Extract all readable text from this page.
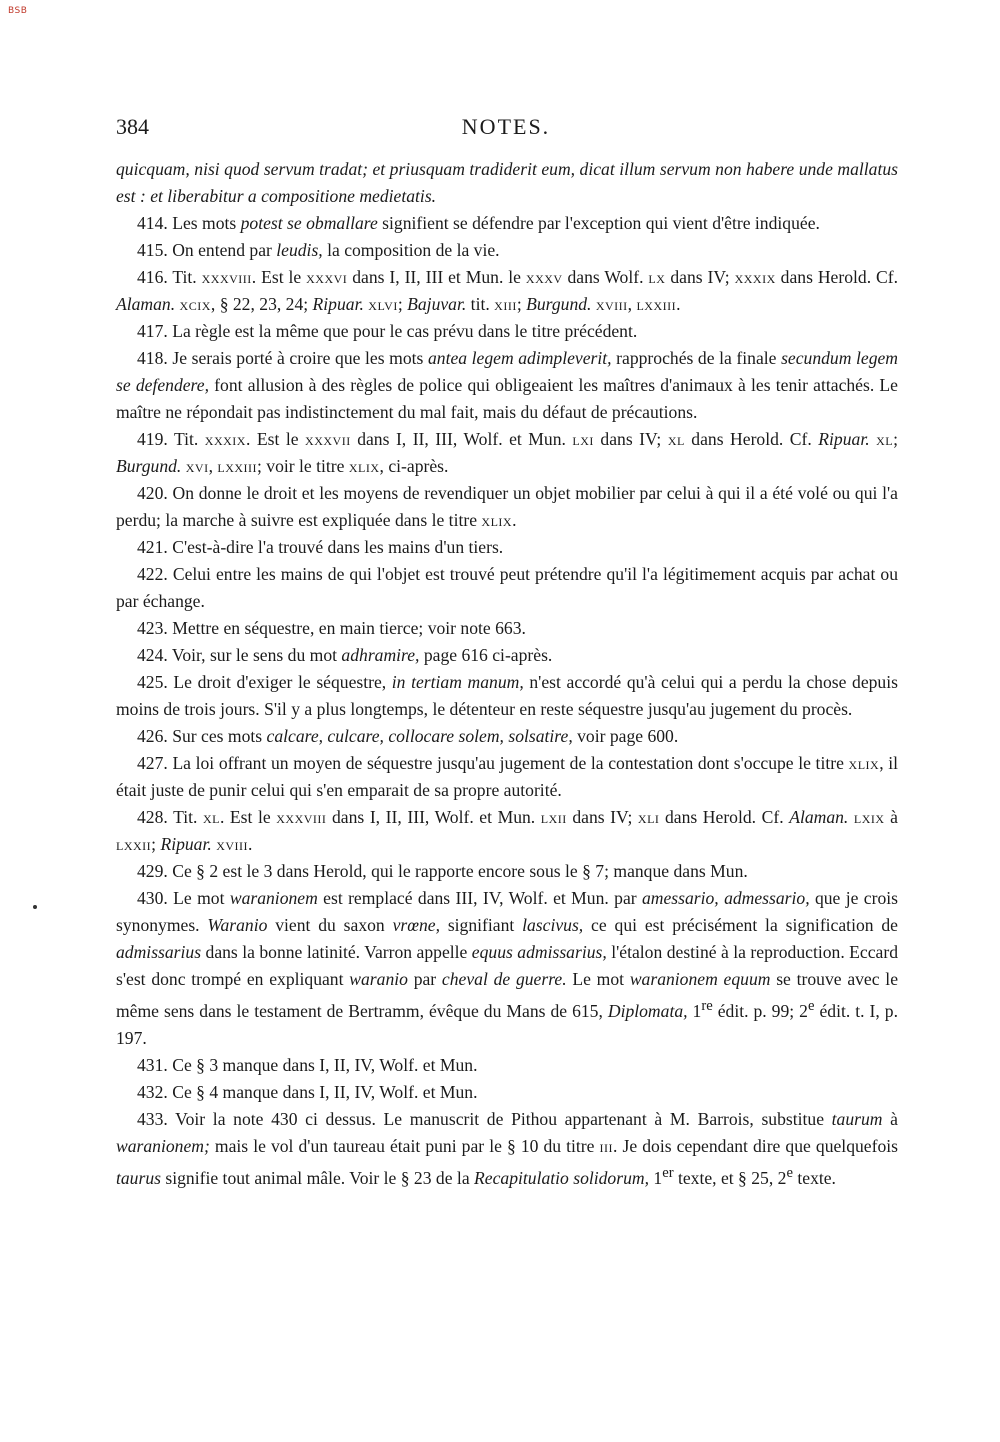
BSB
384	NOTES.

quicquam, nisi quod servum tradat; et priusquam tradiderit eum, dicat illum servum non habere unde mallatus est : et liberabitur a compositione medietatis.

414. Les mots potest se obmallare signifient se défendre par l'exception qui vient d'être indiquée.

415. On entend par leudis, la composition de la vie.

416. Tit. xxxviii. Est le xxxvi dans I, II, III et Mun. le xxxv dans Wolf. lx dans IV; xxxix dans Herold. Cf. Alaman. xcix, § 22, 23, 24; Ripuar. xlvi; Bajuvar. tit. xiii; Burgund. xviii, lxxiii.

417. La règle est la même que pour le cas prévu dans le titre précédent.

418. Je serais porté à croire que les mots antea legem adimpleverit, rapprochés de la finale secundum legem se defendere, font allusion à des règles de police qui obligeaient les maîtres d'animaux à les tenir attachés. Le maître ne répondait pas indistinctement du mal fait, mais du défaut de précautions.

419. Tit. xxxix. Est le xxxvii dans I, II, III, Wolf. et Mun. lxi dans IV; xl dans Herold. Cf. Ripuar. xl; Burgund. xvi, lxxiii; voir le titre xlix, ci-après.

420. On donne le droit et les moyens de revendiquer un objet mobilier par celui à qui il a été volé ou qui l'a perdu; la marche à suivre est expliquée dans le titre xlix.

421. C'est-à-dire l'a trouvé dans les mains d'un tiers.

422. Celui entre les mains de qui l'objet est trouvé peut prétendre qu'il l'a légitimement acquis par achat ou par échange.

423. Mettre en séquestre, en main tierce; voir note 663.

424. Voir, sur le sens du mot adhramire, page 616 ci-après.

425. Le droit d'exiger le séquestre, in tertiam manum, n'est accordé qu'à celui qui a perdu la chose depuis moins de trois jours. S'il y a plus longtemps, le détenteur en reste séquestre jusqu'au jugement du procès.

426. Sur ces mots calcare, culcare, collocare solem, solsatire, voir page 600.

427. La loi offrant un moyen de séquestre jusqu'au jugement de la contestation dont s'occupe le titre xlix, il était juste de punir celui qui s'en emparait de sa propre autorité.

428. Tit. xl. Est le xxxviii dans I, II, III, Wolf. et Mun. lxii dans IV; xli dans Herold. Cf. Alaman. lxix à lxxii; Ripuar. xviii.

429. Ce § 2 est le 3 dans Herold, qui le rapporte encore sous le § 7; manque dans Mun.

430. Le mot waranionem est remplacé dans III, IV, Wolf. et Mun. par amessario, admessario, que je crois synonymes. Waranio vient du saxon vrœne, signifiant lascivus, ce qui est précisément la signification de admissarius dans la bonne latinité. Varron appelle equus admissarius, l'étalon destiné à la reproduction. Eccard s'est donc trompé en expliquant waranio par cheval de guerre. Le mot waranionem equum se trouve avec le même sens dans le testament de Bertramm, évêque du Mans de 615, Diplomata, 1re édit. p. 99; 2e édit. t. I, p. 197.

431. Ce § 3 manque dans I, II, IV, Wolf. et Mun.

432. Ce § 4 manque dans I, II, IV, Wolf. et Mun.

433. Voir la note 430 ci dessus. Le manuscrit de Pithou appartenant à M. Barrois, substitue taurum à waranionem; mais le vol d'un taureau était puni par le § 10 du titre iii. Je dois cependant dire que quelquefois taurus signifie tout animal mâle. Voir le § 23 de la Recapitulatio solidorum, 1er texte, et § 25, 2e texte.
